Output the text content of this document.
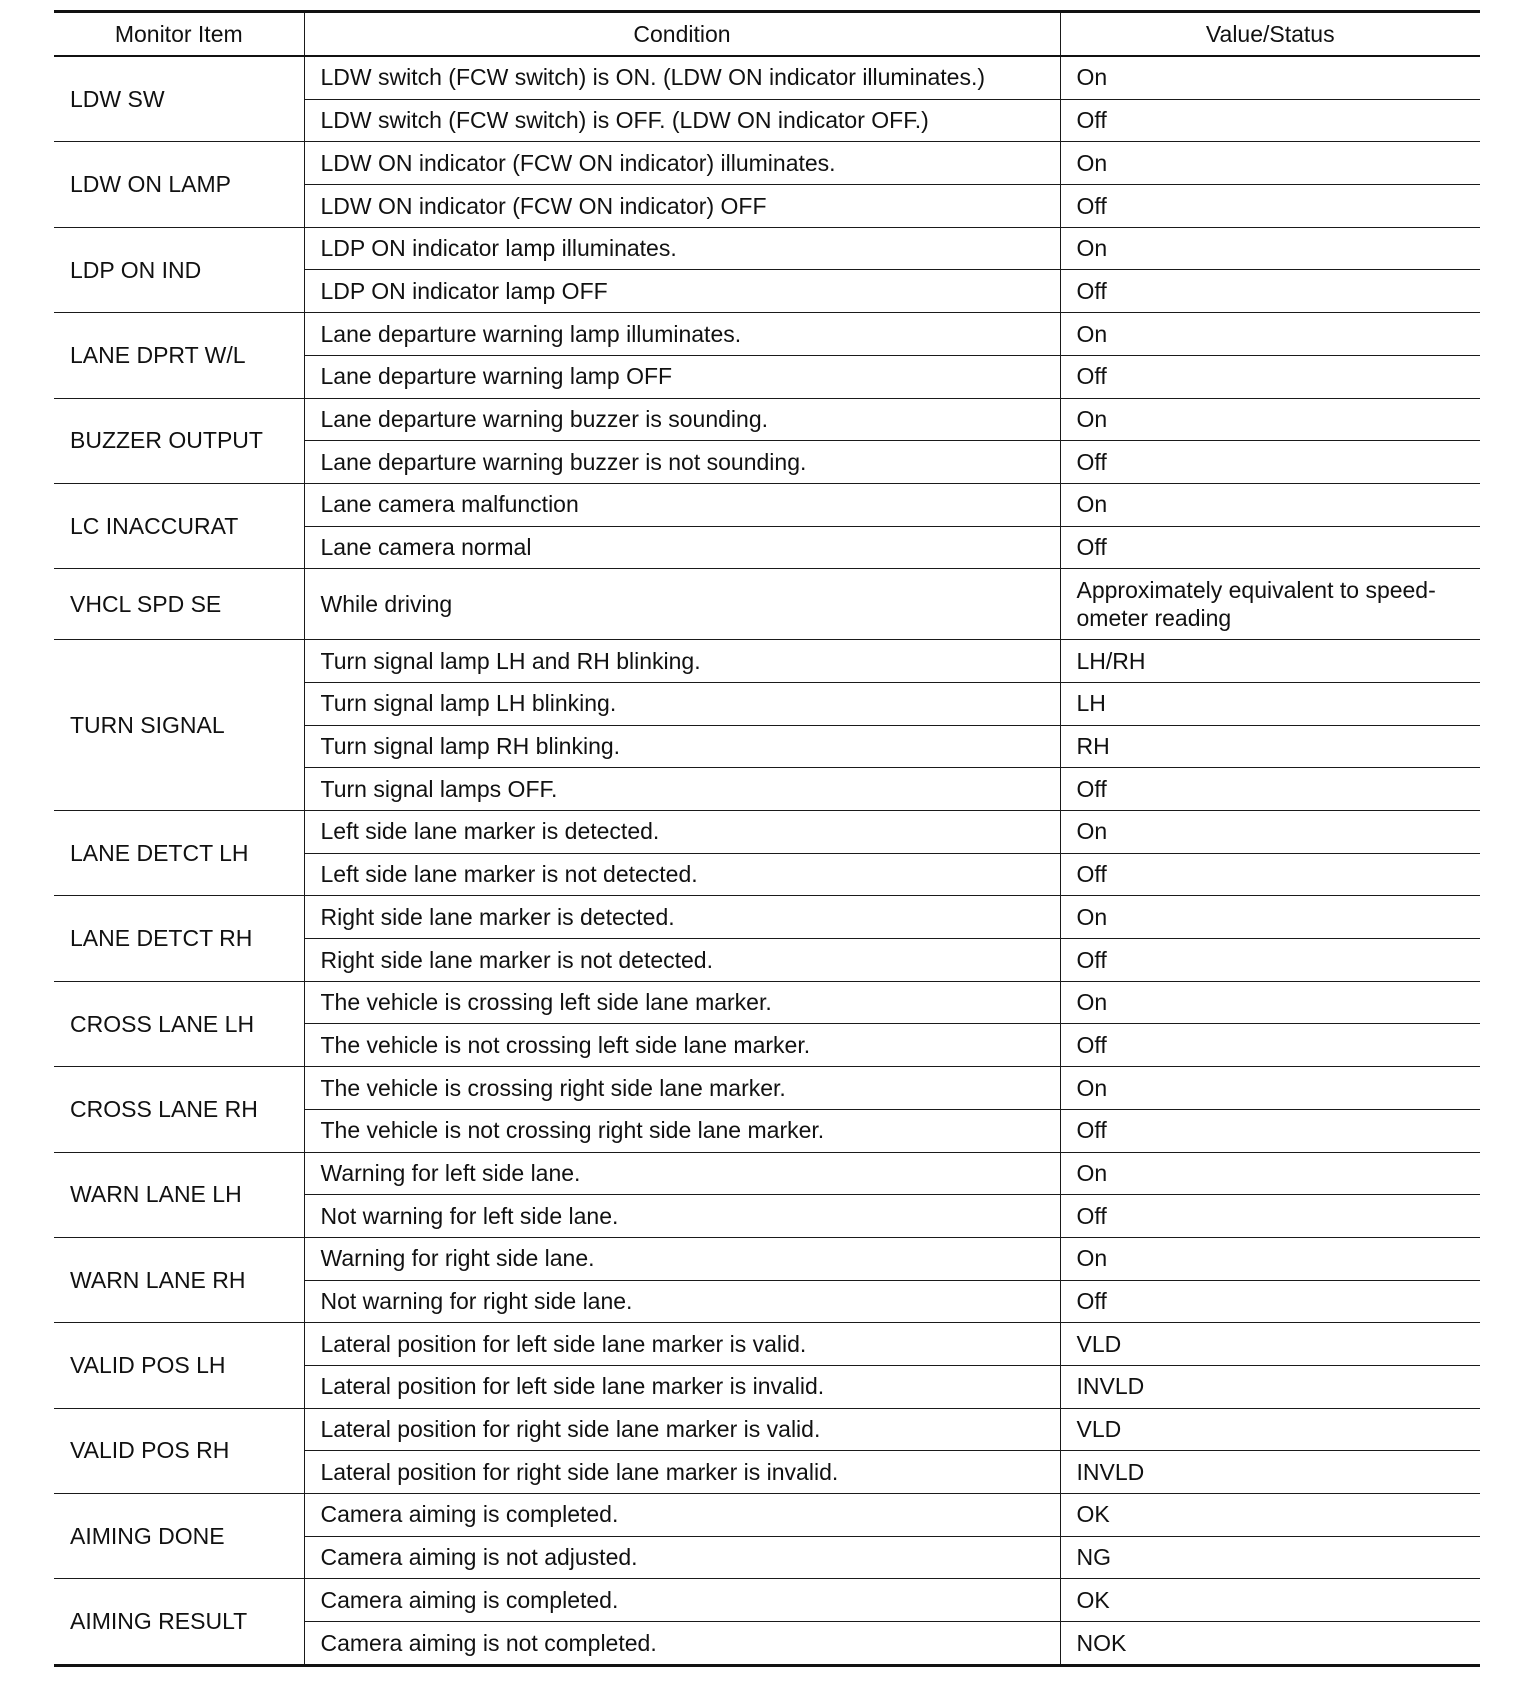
Monitor Item	Condition	Value/Status
LDW SW	LDW switch (FCW switch) is ON. (LDW ON indicator illuminates.)	On
	LDW switch (FCW switch) is OFF. (LDW ON indicator OFF.)	Off
LDW ON LAMP	LDW ON indicator (FCW ON indicator) illuminates.	On
	LDW ON indicator (FCW ON indicator) OFF	Off
LDP ON IND	LDP ON indicator lamp illuminates.	On
	LDP ON indicator lamp OFF	Off
LANE DPRT W/L	Lane departure warning lamp illuminates.	On
	Lane departure warning lamp OFF	Off
BUZZER OUTPUT	Lane departure warning buzzer is sounding.	On
	Lane departure warning buzzer is not sounding.	Off
LC INACCURAT	Lane camera malfunction	On
	Lane camera normal	Off
VHCL SPD SE	While driving	Approximately equivalent to speed-ometer reading
TURN SIGNAL	Turn signal lamp LH and RH blinking.	LH/RH
	Turn signal lamp LH blinking.	LH
	Turn signal lamp RH blinking.	RH
	Turn signal lamps OFF.	Off
LANE DETCT LH	Left side lane marker is detected.	On
	Left side lane marker is not detected.	Off
LANE DETCT RH	Right side lane marker is detected.	On
	Right side lane marker is not detected.	Off
CROSS LANE LH	The vehicle is crossing left side lane marker.	On
	The vehicle is not crossing left side lane marker.	Off
CROSS LANE RH	The vehicle is crossing right side lane marker.	On
	The vehicle is not crossing right side lane marker.	Off
WARN LANE LH	Warning for left side lane.	On
	Not warning for left side lane.	Off
WARN LANE RH	Warning for right side lane.	On
	Not warning for right side lane.	Off
VALID POS LH	Lateral position for left side lane marker is valid.	VLD
	Lateral position for left side lane marker is invalid.	INVLD
VALID POS RH	Lateral position for right side lane marker is valid.	VLD
	Lateral position for right side lane marker is invalid.	INVLD
AIMING DONE	Camera aiming is completed.	OK
	Camera aiming is not adjusted.	NG
AIMING RESULT	Camera aiming is completed.	OK
	Camera aiming is not completed.	NOK
